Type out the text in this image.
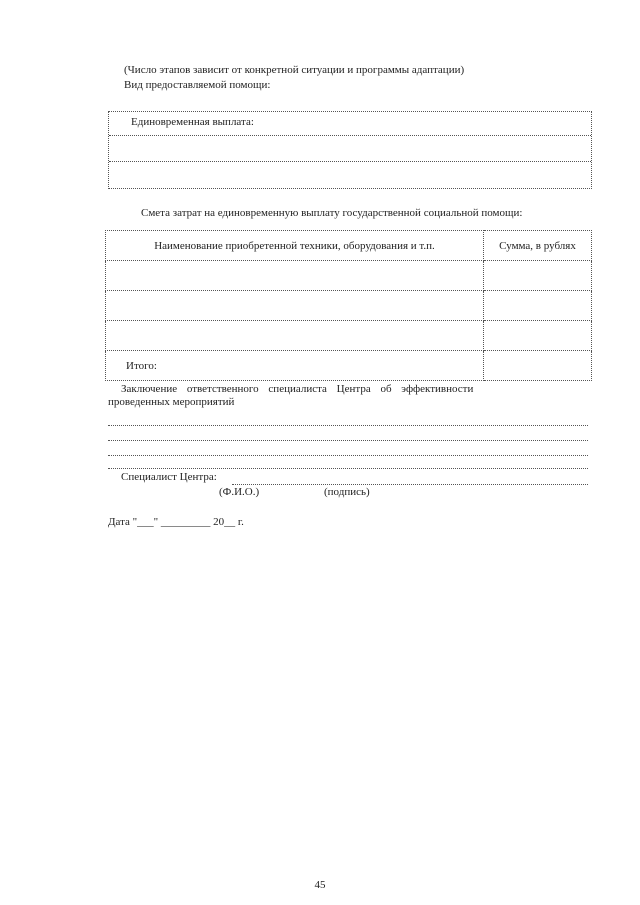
(Число этапов зависит от конкретной ситуации и программы адаптации)
Вид предоставляемой помощи:
Единовременная выплата:
Смета затрат на единовременную выплату государственной социальной помощи:
Наименование приобретенной техники, оборудования и т.п.	Сумма, в рублях

Итого:	
Заключение ответственного специалиста Центра об эффективности
проведенных мероприятий
Специалист Центра:
(Ф.И.О.)	(подпись)
Дата "___" _________ 20__ г.
45
